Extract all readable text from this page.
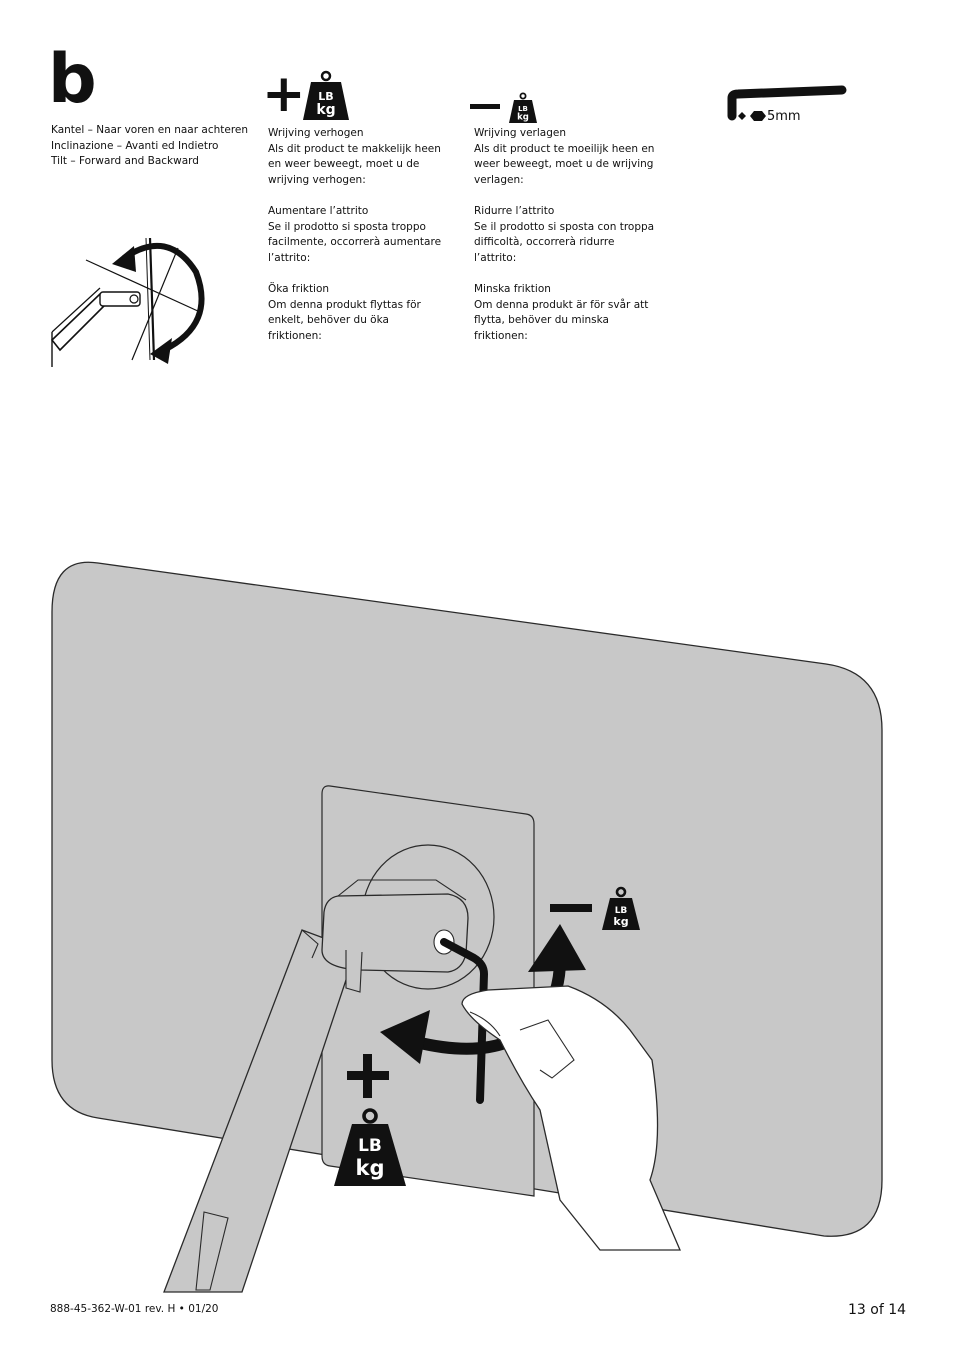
b
Kantel – Naar voren en naar achteren
Inclinazione – Avanti ed Indietro
Tilt – Forward and Backward
+ LB
kg
Wrijving verhogen
Als dit product te makkelijk heen en weer beweegt, moet u de wrijving verhogen:
Aumentare l’attrito
Se il prodotto si sposta troppo facilmente, occorrerà aumentare l’attrito:
Öka friktion
Om denna produkt flyttas för enkelt, behöver du öka friktionen:
LB
kg
Wrijving verlagen
Als dit product te moeilijk heen en weer beweegt, moet u de wrijving verlagen:
Ridurre l’attrito
Se il prodotto si sposta con troppa difficoltà, occorrerà ridurre l’attrito:
Minska friktion
Om denna produkt är för svår att flytta, behöver du minska friktionen:
5mm
LB
kg
LB
kg
888-45-362-W-01 rev. H • 01/20	13 of 14
